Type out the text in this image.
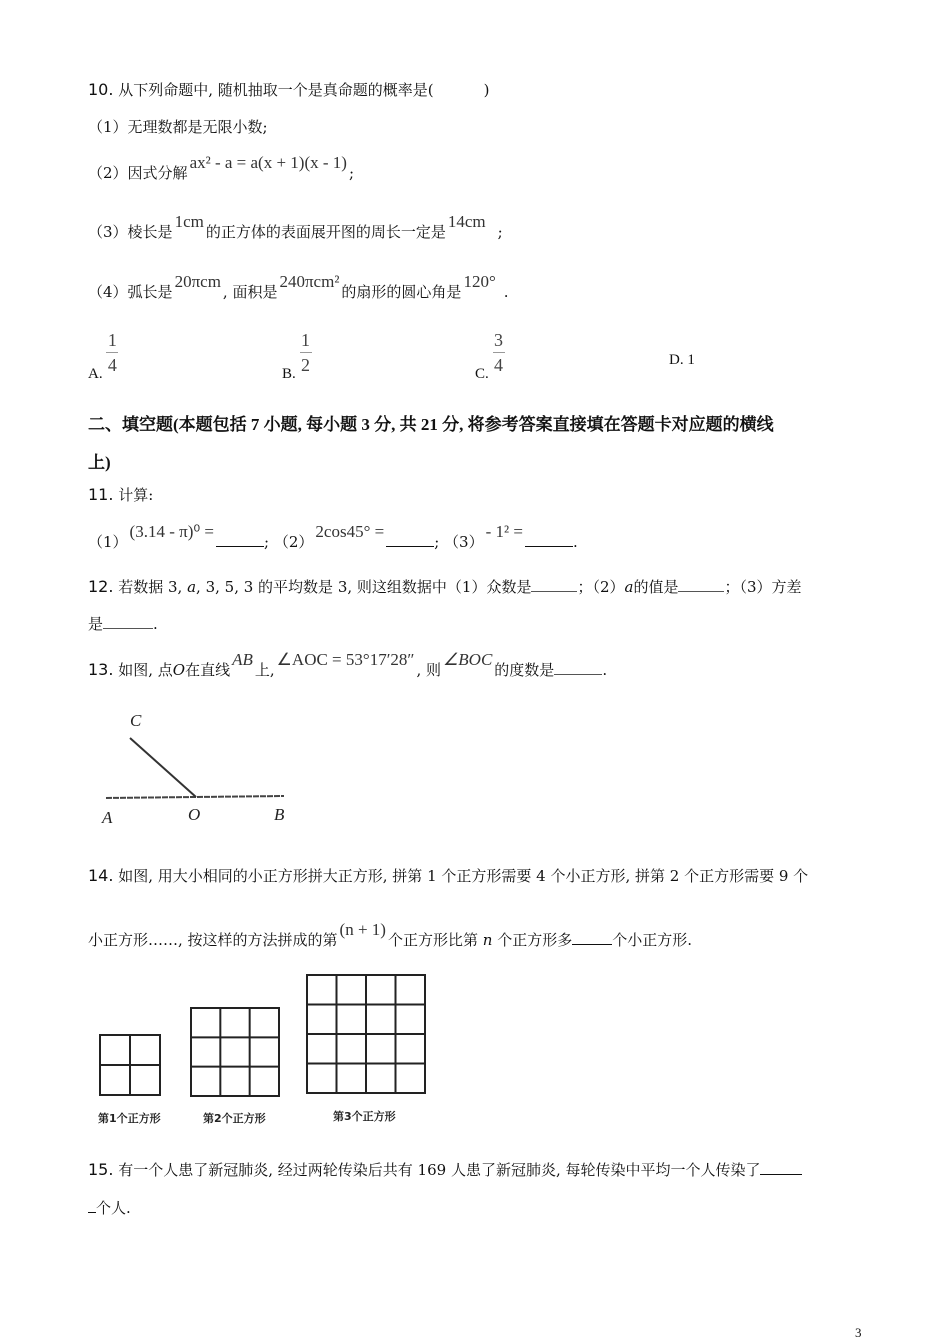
10. 从下列命题中, 随机抽取一个是真命题的概率是(	)
（1）无理数都是无限小数;
（2）因式分解ax² - a = a(x + 1)(x - 1);
（3）棱长是1cm的正方体的表面展开图的周长一定是14cm;
（4）弧长是20πcm, 面积是240πcm²的扇形的圆心角是120°.
A. $\frac{1}{4}$	B. $\frac{1}{2}$	C. $\frac{3}{4}$	D. 1
二、填空题(本题包括 7 小题, 每小题 3 分, 共 21 分, 将参考答案直接填在答题卡对应题的横线
上)
11. 计算:
（1）(3.14 - π)⁰ =; （2）2cos45° =; （3）- 1² =.
12. 若数据 3, a, 3, 5, 3 的平均数是 3, 则这组数据中（1）众数是	；（2）a的值是	；（3）方差
是	.
13. 如图, 点O在直线AB上,∠AOC = 53°17′28″, 则∠BOC的度数是	.
C
A	O	B
14. 如图, 用大小相同的小正方形拼大正方形, 拼第 1 个正方形需要 4 个小正方形, 拼第 2 个正方形需要 9 个
小正方形……, 按这样的方法拼成的第(n + 1)个正方形比第 n 个正方形多	个小正方形.
第1个正方形	第2个正方形	第3个正方形
15. 有一个人患了新冠肺炎, 经过两轮传染后共有 169 人患了新冠肺炎, 每轮传染中平均一个人传染了
个人.
3
